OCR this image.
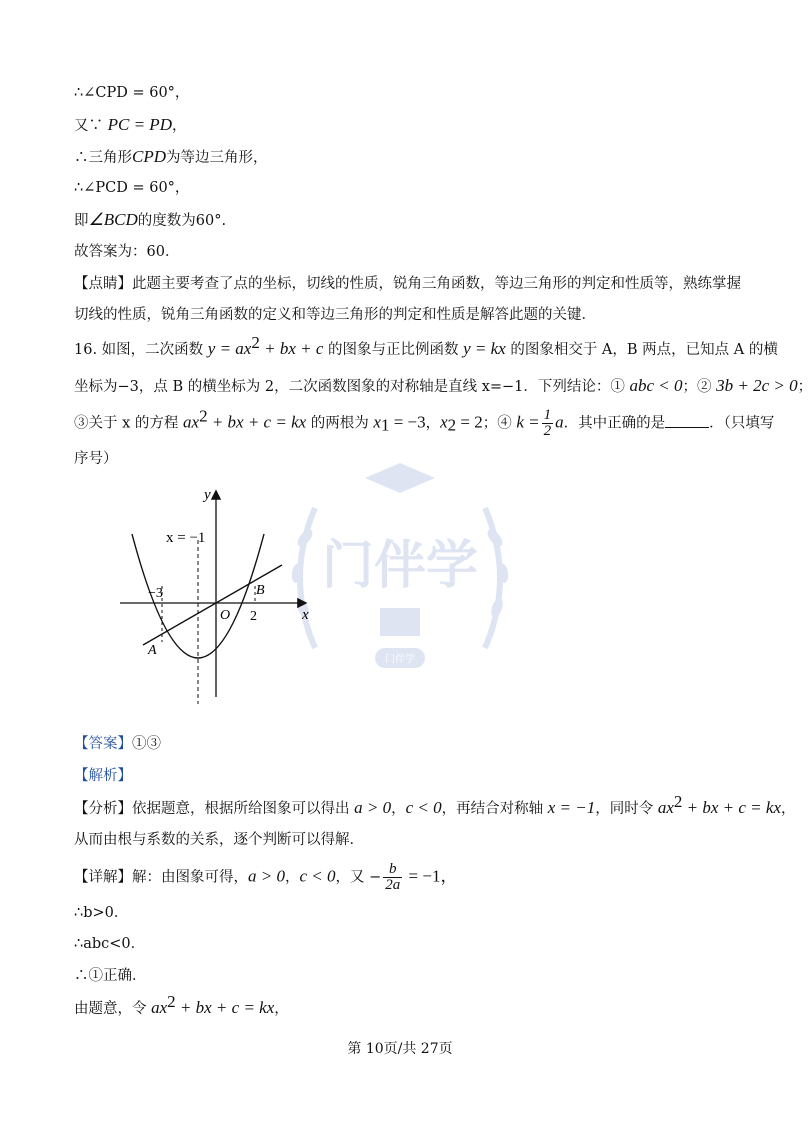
∴∠CPD = 60°，
又∵ PC = PD，
∴三角形CPD为等边三角形，
∴∠PCD = 60°，
即∠BCD的度数为60°.
故答案为：60．
【点睛】此题主要考查了点的坐标，切线的性质，锐角三角函数，等边三角形的判定和性质等，熟练掌握
切线的性质，锐角三角函数的定义和等边三角形的判定和性质是解答此题的关键．
16. 如图，二次函数 $y = ax^2$ + bx + c 的图象与正比例函数 y = kx 的图象相交于 A，B 两点，已知点 A 的横
坐标为−3，点 B 的横坐标为 2，二次函数图象的对称轴是直线 x=−1．下列结论：① abc < 0；② 3b + 2c > 0；
③关于 x 的方程 $ax^2$ + bx + c = kx 的两根为 $x_1 = -3$，$x_2 = 2$；④ $k = \frac{1}{2}$ a．其中正确的是	．（只填写
序号）
门伴学
门伴学
y
x
x = −1
O
−3
2
A
B
【答案】①③
【解析】
【分析】依据题意，根据所给图象可以得出 a > 0，c < 0，再结合对称轴 x = −1，同时令 $ax^2$ + bx + c = kx，
从而由根与系数的关系，逐个判断可以得解．
【详解】解：由图象可得，a > 0，c < 0，又 − $\frac{b}{2a} = -1$，
∴b>0．
∴abc<0．
∴①正确．
由题意，令 $ax^2$ + bx + c = kx，
第 10页/共 27页
